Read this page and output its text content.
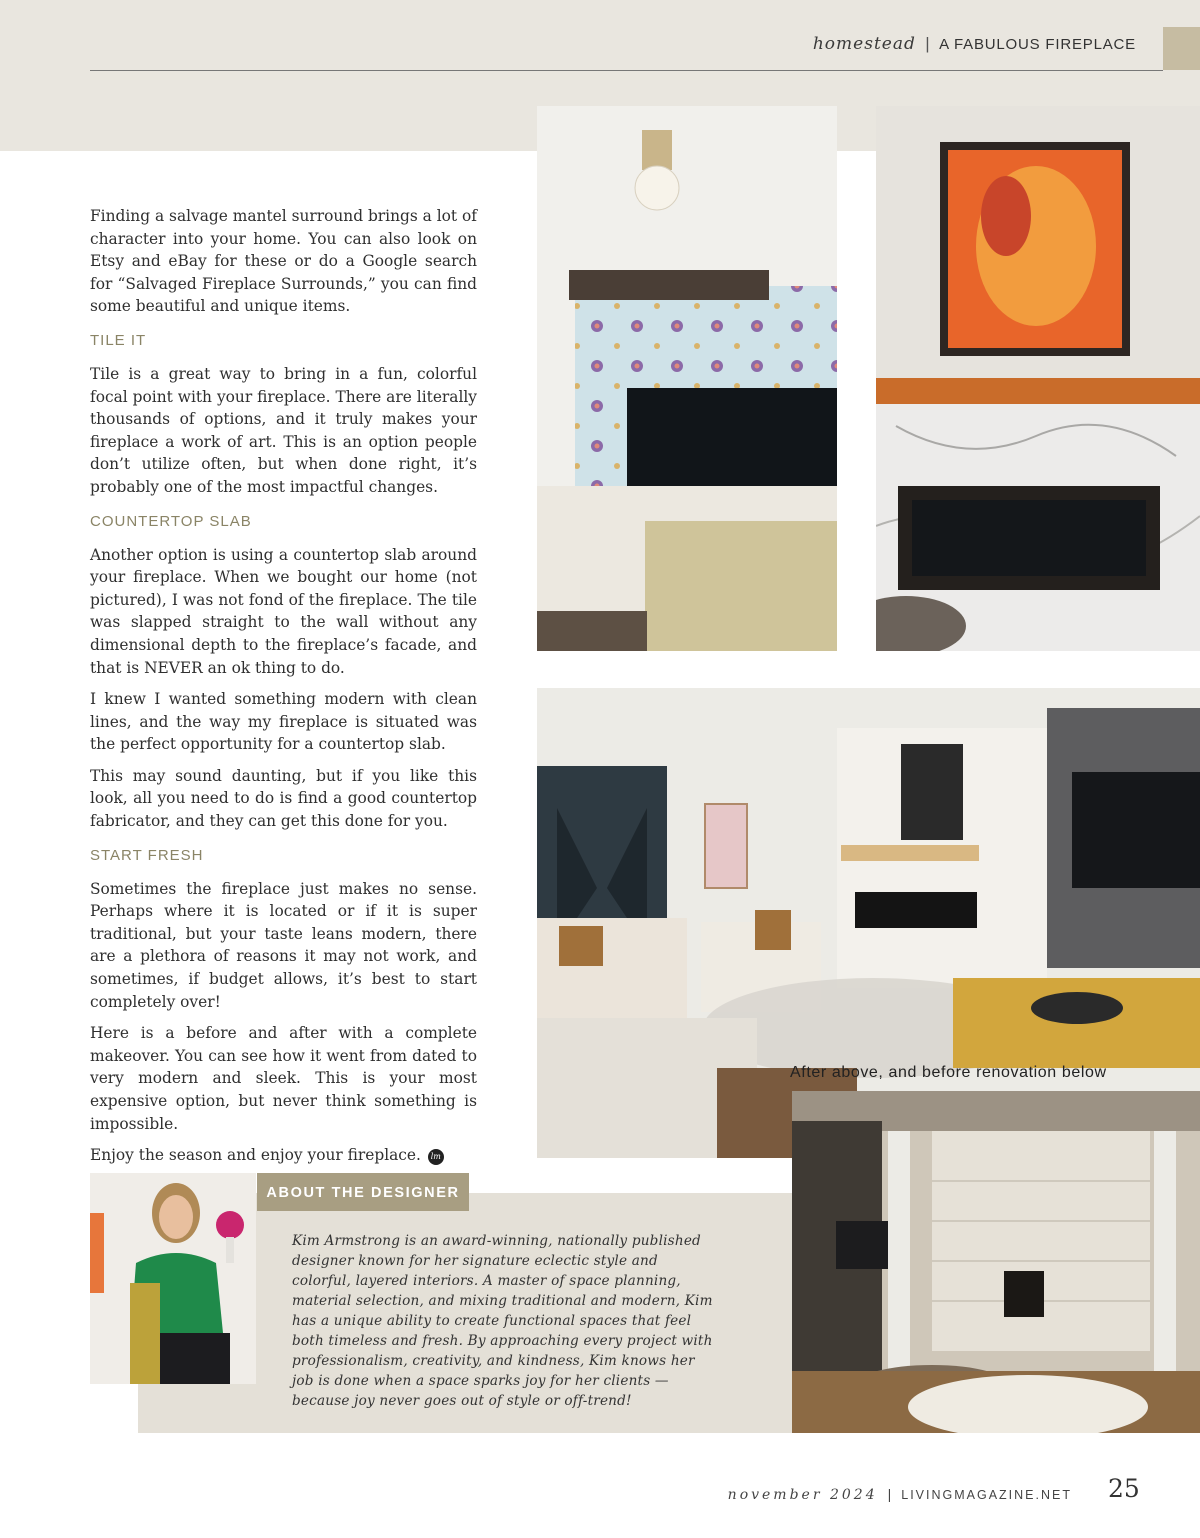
homestead | A FABULOUS FIREPLACE

Finding a salvage mantel surround brings a lot of character into your home. You can also look on Etsy and eBay for these or do a Google search for “Salvaged Fireplace Surrounds,” you can find some beautiful and unique items.

TILE IT

Tile is a great way to bring in a fun, colorful focal point with your fireplace. There are literally thousands of options, and it truly makes your fireplace a work of art. This is an option people don’t utilize often, but when done right, it’s probably one of the most impactful changes.

COUNTERTOP SLAB

Another option is using a countertop slab around your fireplace. When we bought our home (not pictured), I was not fond of the fireplace. The tile was slapped straight to the wall without any dimensional depth to the fireplace’s facade, and that is NEVER an ok thing to do.

I knew I wanted something modern with clean lines, and the way my fireplace is situated was the perfect opportunity for a countertop slab.

This may sound daunting, but if you like this look, all you need to do is find a good countertop fabricator, and they can get this done for you.

START FRESH

Sometimes the fireplace just makes no sense. Perhaps where it is located or if it is super traditional, but your taste leans modern, there are a plethora of reasons it may not work, and sometimes, if budget allows, it’s best to start completely over!

Here is a before and after with a complete makeover. You can see how it went from dated to very modern and sleek. This is your most expensive option, but never think something is impossible.

Enjoy the season and enjoy your fireplace. lm

After above, and before renovation below
ABOUT THE DESIGNER
Kim Armstrong is an award-winning, nationally published designer known for her signature eclectic style and colorful, layered interiors. A master of space planning, material selection, and mixing traditional and modern, Kim has a unique ability to create functional spaces that feel both timeless and fresh. By approaching every project with professionalism, creativity, and kindness, Kim knows her job is done when a space sparks joy for her clients — because joy never goes out of style or off-trend!
november 2024 | LIVINGMAGAZINE.NET 25
